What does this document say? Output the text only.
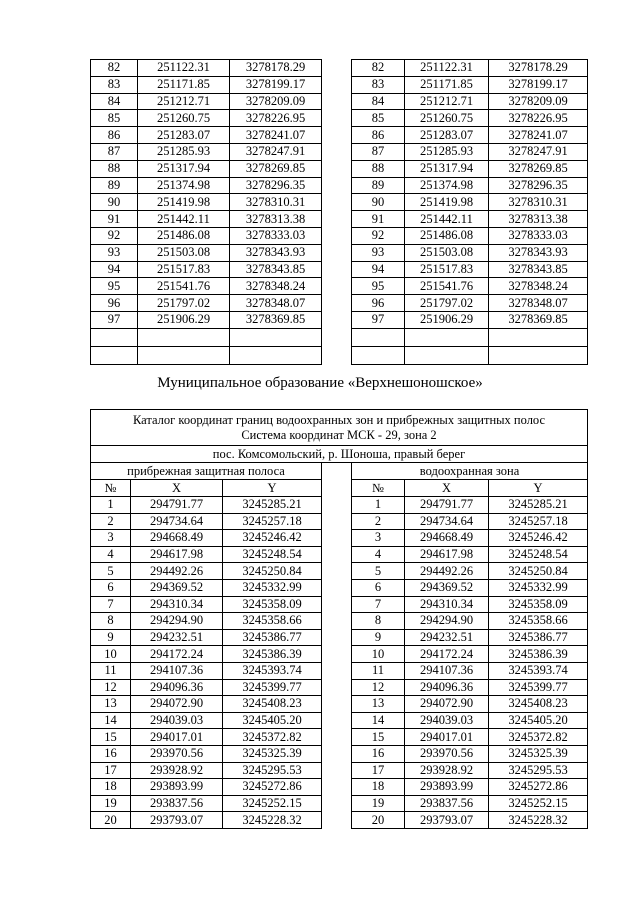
82	251122.31	3278178.29
83	251171.85	3278199.17
84	251212.71	3278209.09
85	251260.75	3278226.95
86	251283.07	3278241.07
87	251285.93	3278247.91
88	251317.94	3278269.85
89	251374.98	3278296.35
90	251419.98	3278310.31
91	251442.11	3278313.38
92	251486.08	3278333.03
93	251503.08	3278343.93
94	251517.83	3278343.85
95	251541.76	3278348.24
96	251797.02	3278348.07
97	251906.29	3278369.85

82	251122.31	3278178.29
83	251171.85	3278199.17
84	251212.71	3278209.09
85	251260.75	3278226.95
86	251283.07	3278241.07
87	251285.93	3278247.91
88	251317.94	3278269.85
89	251374.98	3278296.35
90	251419.98	3278310.31
91	251442.11	3278313.38
92	251486.08	3278333.03
93	251503.08	3278343.93
94	251517.83	3278343.85
95	251541.76	3278348.24
96	251797.02	3278348.07
97	251906.29	3278369.85

Муниципальное образование «Верхнешоношское»
Каталог координат границ водоохранных зон и прибрежных защитных полос
Система координат МСК - 29, зона 2						
пос. Комсомольский, р. Шоноша, правый берег						
прибрежная защитная полоса				водоохранная зона		
№	X	Y		№	X	Y
1	294791.77	3245285.21		1	294791.77	3245285.21
2	294734.64	3245257.18		2	294734.64	3245257.18
3	294668.49	3245246.42		3	294668.49	3245246.42
4	294617.98	3245248.54		4	294617.98	3245248.54
5	294492.26	3245250.84		5	294492.26	3245250.84
6	294369.52	3245332.99		6	294369.52	3245332.99
7	294310.34	3245358.09		7	294310.34	3245358.09
8	294294.90	3245358.66		8	294294.90	3245358.66
9	294232.51	3245386.77		9	294232.51	3245386.77
10	294172.24	3245386.39		10	294172.24	3245386.39
11	294107.36	3245393.74		11	294107.36	3245393.74
12	294096.36	3245399.77		12	294096.36	3245399.77
13	294072.90	3245408.23		13	294072.90	3245408.23
14	294039.03	3245405.20		14	294039.03	3245405.20
15	294017.01	3245372.82		15	294017.01	3245372.82
16	293970.56	3245325.39		16	293970.56	3245325.39
17	293928.92	3245295.53		17	293928.92	3245295.53
18	293893.99	3245272.86		18	293893.99	3245272.86
19	293837.56	3245252.15		19	293837.56	3245252.15
20	293793.07	3245228.32		20	293793.07	3245228.32
